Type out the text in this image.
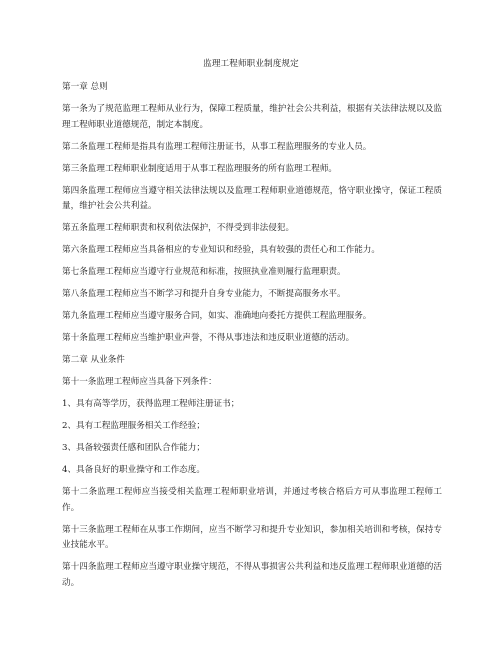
监理工程师职业制度规定

第一章 总则

第一条为了规范监理工程师从业行为，保障工程质量，维护社会公共利益，根据有关法律法规以及监理工程师职业道德规范，制定本制度。

第二条监理工程师是指具有监理工程师注册证书，从事工程监理服务的专业人员。

第三条监理工程师职业制度适用于从事工程监理服务的所有监理工程师。

第四条监理工程师应当遵守相关法律法规以及监理工程师职业道德规范，恪守职业操守，保证工程质量，维护社会公共利益。

第五条监理工程师职责和权利依法保护，不得受到非法侵犯。

第六条监理工程师应当具备相应的专业知识和经验，具有较强的责任心和工作能力。

第七条监理工程师应当遵守行业规范和标准，按照执业准则履行监理职责。

第八条监理工程师应当不断学习和提升自身专业能力，不断提高服务水平。

第九条监理工程师应当遵守服务合同，如实、准确地向委托方提供工程监理服务。

第十条监理工程师应当维护职业声誉，不得从事违法和违反职业道德的活动。

第二章 从业条件

第十一条监理工程师应当具备下列条件：

1、具有高等学历，获得监理工程师注册证书；

2、具有工程监理服务相关工作经验；

3、具备较强责任感和团队合作能力；

4、具备良好的职业操守和工作态度。

第十二条监理工程师应当接受相关监理工程师职业培训，并通过考核合格后方可从事监理工程师工作。

第十三条监理工程师在从事工作期间，应当不断学习和提升专业知识，参加相关培训和考核，保持专业技能水平。

第十四条监理工程师应当遵守职业操守规范，不得从事损害公共利益和违反监理工程师职业道德的活动。
